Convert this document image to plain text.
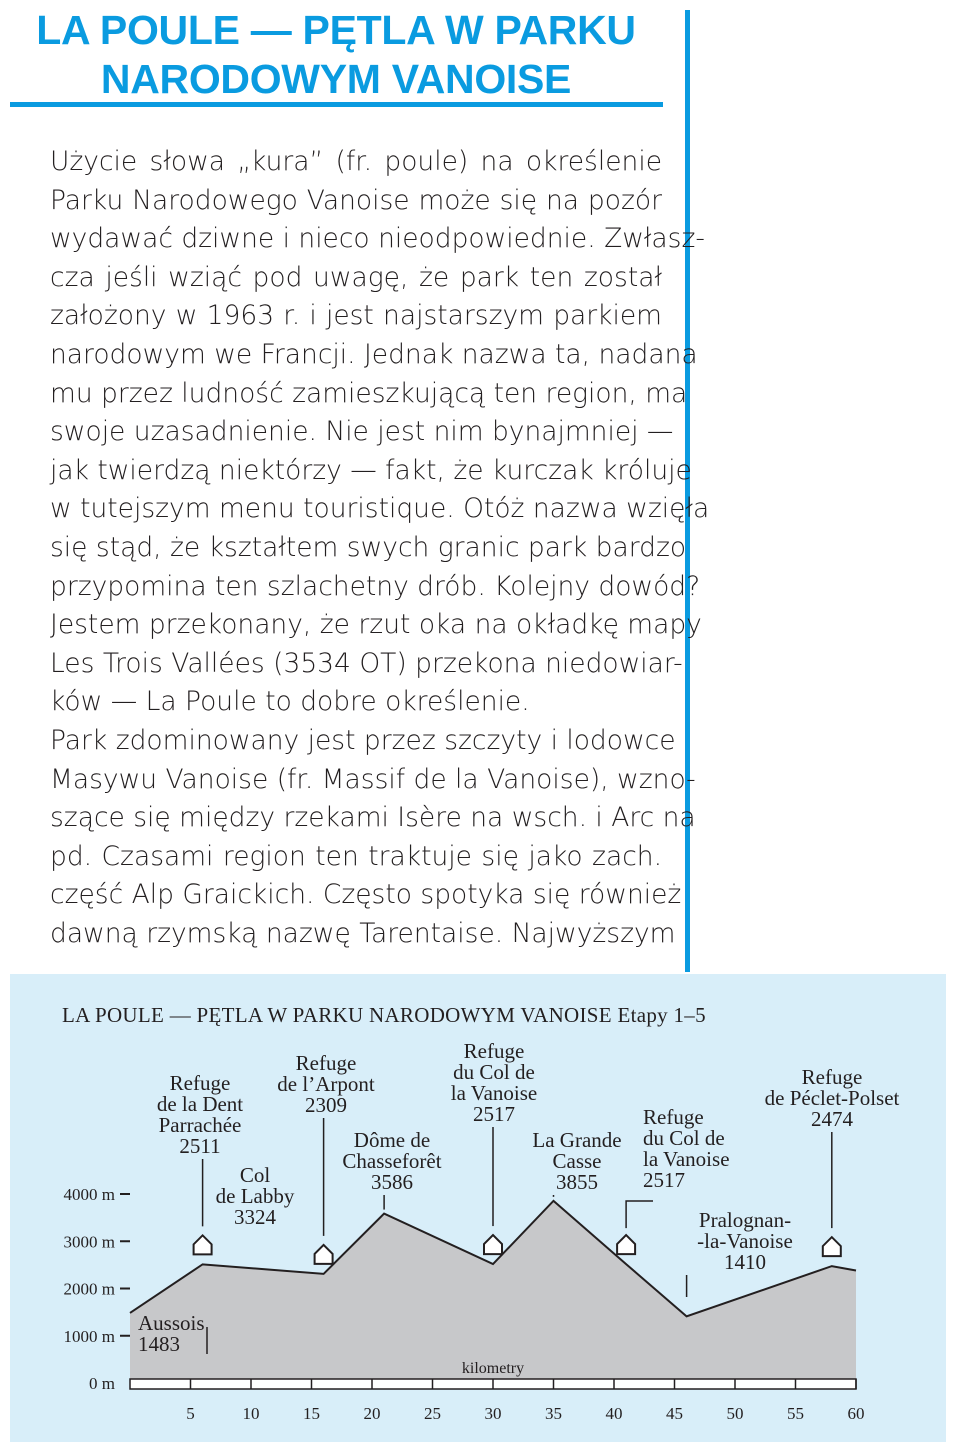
LA POULE — PĘTLA W PARKU
NARODOWYM VANOISE

Użycie słowa „kura” (fr. poule) na określenie
Parku Narodowego Vanoise może się na pozór
wydawać dziwne i nieco nieodpowiednie. Zwłasz-
cza jeśli wziąć pod uwagę, że park ten został
założony w 1963 r. i jest najstarszym parkiem
narodowym we Francji. Jednak nazwa ta, nadana
mu przez ludność zamieszkującą ten region, ma
swoje uzasadnienie. Nie jest nim bynajmniej —
jak twierdzą niektórzy — fakt, że kurczak króluje
w tutejszym menu touristique. Otóż nazwa wzięła
się stąd, że kształtem swych granic park bardzo
przypomina ten szlachetny drób. Kolejny dowód?
Jestem przekonany, że rzut oka na okładkę mapy
Les Trois Vallées (3534 OT) przekona niedowiar-
ków — La Poule to dobre określenie.

Park zdominowany jest przez szczyty i lodowce
Masywu Vanoise (fr. Massif de la Vanoise), wzno-
szące się między rzekami Isère na wsch. i Arc na
pd. Czasami region ten traktuje się jako zach.
część Alp Graickich. Często spotyka się również
dawną rzymską nazwę Tarentaise. Najwyższym

LA POULE — PĘTLA W PARKU NARODOWYM VANOISE Etapy 1–5
4000 m
3000 m
2000 m
1000 m
0 m
5	10	15	20	25	30	35	40	45	50	55	60
kilometry
Aussois 1483
Refuge de la Dent Parrachée 2511
Col de Labby 3324
Refuge de l’Arpont 2309
Dôme de Chasseforêt 3586
Refuge du Col de la Vanoise 2517
La Grande Casse 3855
Refuge du Col de la Vanoise 2517
Pralognan--la-Vanoise 1410
Refuge de Péclet-Polset 2474
